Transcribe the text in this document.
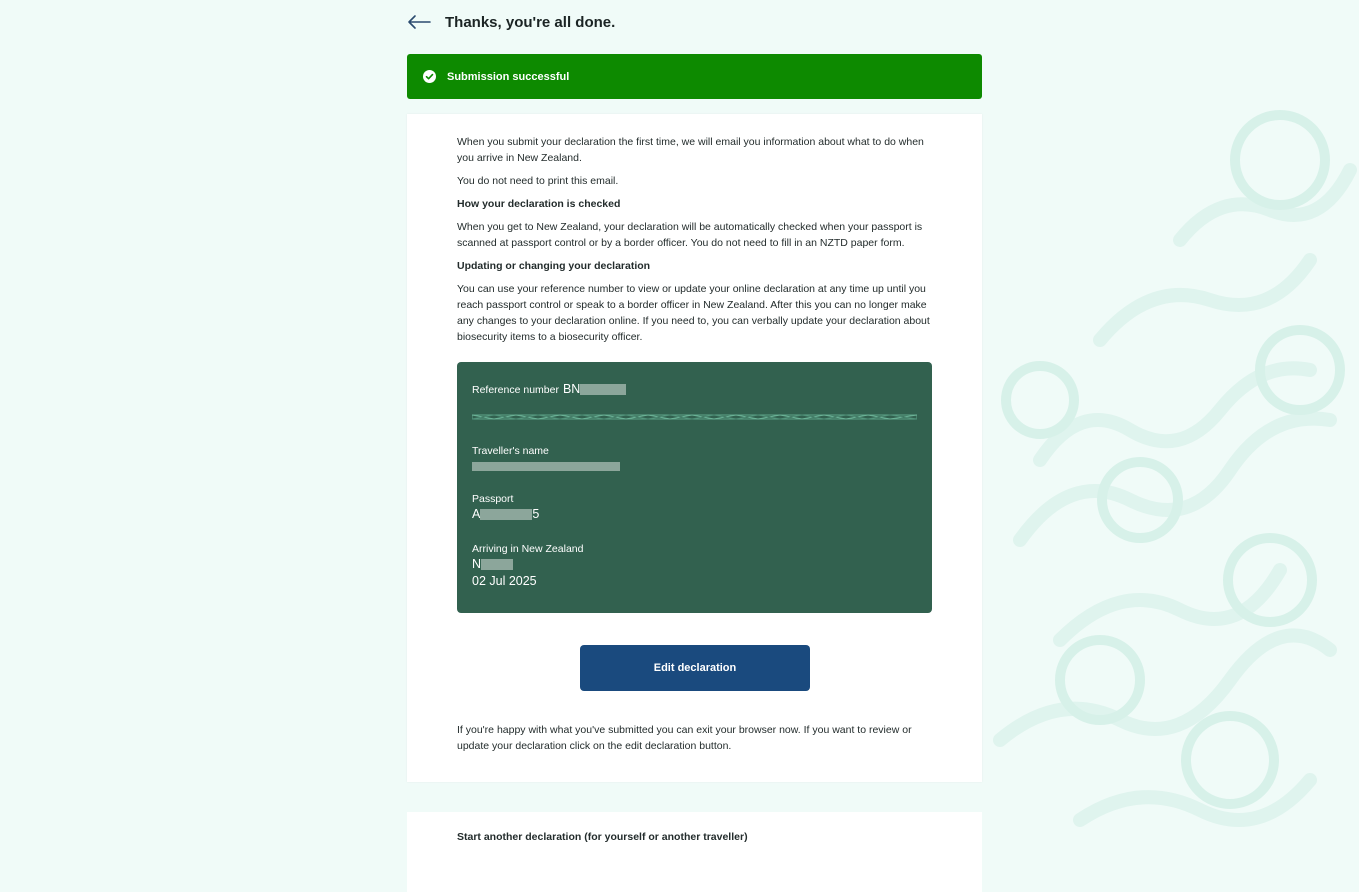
Thanks, you're all done.
Submission successful

When you submit your declaration the first time, we will email you information about what to do when you arrive in New Zealand.

You do not need to print this email.

How your declaration is checked

When you get to New Zealand, your declaration will be automatically checked when your passport is scanned at passport control or by a border officer. You do not need to fill in an NZTD paper form.

Updating or changing your declaration

You can use your reference number to view or update your online declaration at any time up until you reach passport control or speak to a border officer in New Zealand. After this you can no longer make any changes to your declaration online. If you need to, you can verbally update your declaration about biosecurity items to a biosecurity officer.

Reference number BN
Traveller's name
Passport
A	5
Arriving in New Zealand
N
02 Jul 2025
Edit declaration
If you're happy with what you've submitted you can exit your browser now. If you want to review or update your declaration click on the edit declaration button.
Start another declaration (for yourself or another traveller)
